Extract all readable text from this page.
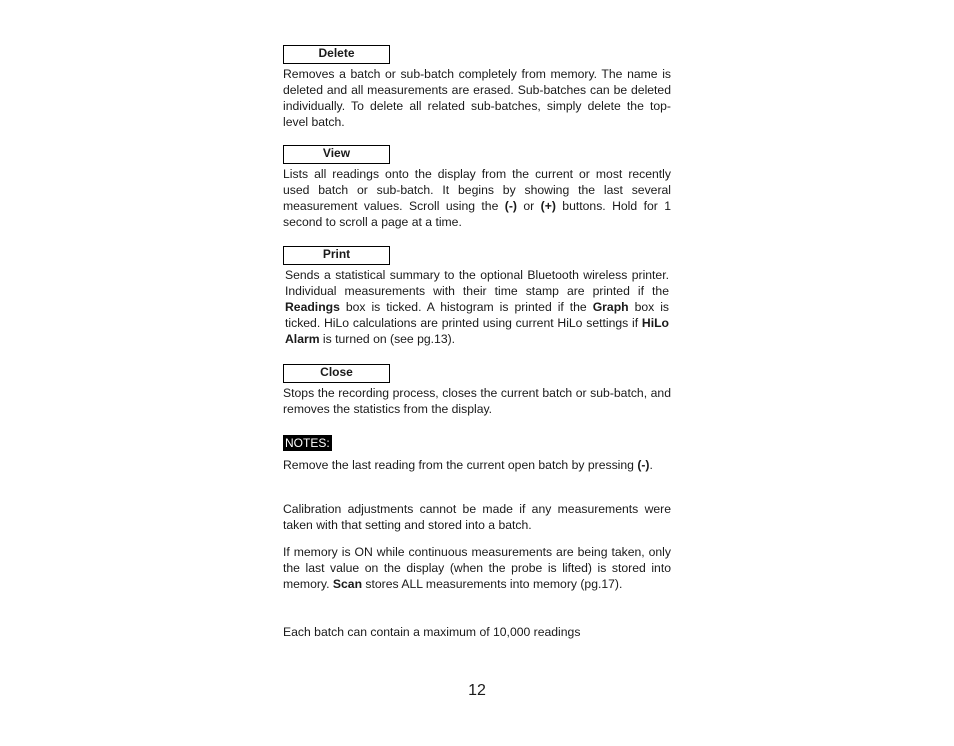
Delete

Removes a batch or sub-batch completely from memory. The name is deleted and all measurements are erased. Sub-batches can be deleted individually. To delete all related sub-batches, simply delete the top-level batch.

View

Lists all readings onto the display from the current or most recently used batch or sub-batch. It begins by showing the last several measurement values. Scroll using the (-) or (+) buttons. Hold for 1 second to scroll a page at a time.

Print

Sends a statistical summary to the optional Bluetooth wireless printer. Individual measurements with their time stamp are printed if the Readings box is ticked. A histogram is printed if the Graph box is ticked. HiLo calculations are printed using current HiLo settings if HiLo Alarm is turned on (see pg.13).

Close

Stops the recording process, closes the current batch or sub-batch, and removes the statistics from the display.

NOTES:

Remove the last reading from the current open batch by pressing (-).

Calibration adjustments cannot be made if any measurements were taken with that setting and stored into a batch.

If memory is ON while continuous measurements are being taken, only the last value on the display (when the probe is lifted) is stored into memory. Scan stores ALL measurements into memory (pg.17).

Each batch can contain a maximum of 10,000 readings

12
